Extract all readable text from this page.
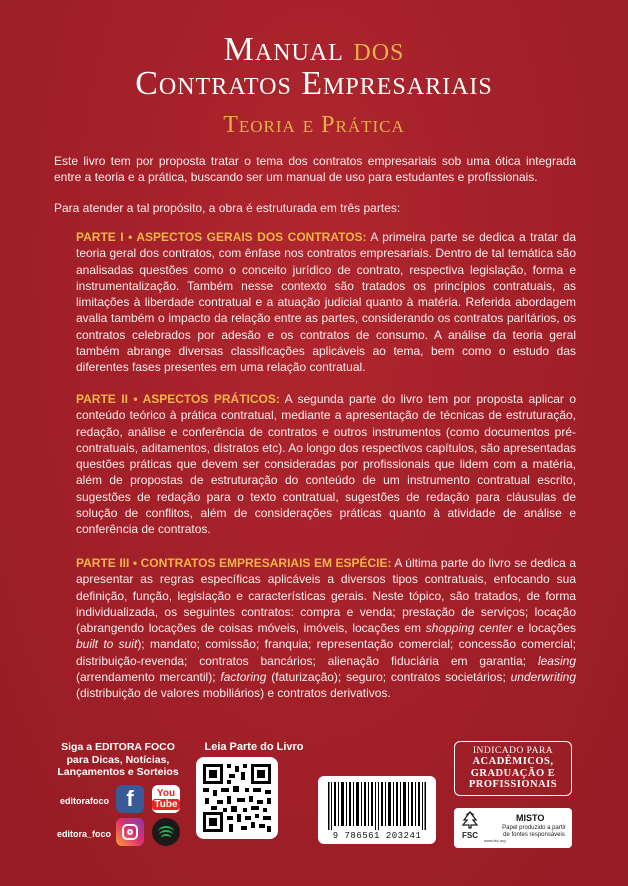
Manual dos
Contratos Empresariais
Teoria e Prática
Este livro tem por proposta tratar o tema dos contratos empresariais sob uma ótica integrada entre a teoria e a prática, buscando ser um manual de uso para estudantes e profissionais.
Para atender a tal propósito, a obra é estruturada em três partes:
PARTE I • ASPECTOS GERAIS DOS CONTRATOS: A primeira parte se dedica a tratar da teoria geral dos contratos, com ênfase nos contratos empresariais. Dentro de tal temática são analisadas questões como o conceito jurídico de contrato, respectiva legislação, forma e instrumentalização. Também nesse contexto são tratados os princípios contratuais, as limitações à liberdade contratual e a atuação judicial quanto à matéria. Referida abordagem avalia também o impacto da relação entre as partes, considerando os contratos paritários, os contratos celebrados por adesão e os contratos de consumo. A análise da teoria geral também abrange diversas classificações aplicáveis ao tema, bem como o estudo das diferentes fases presentes em uma relação contratual.
PARTE II • ASPECTOS PRÁTICOS: A segunda parte do livro tem por proposta aplicar o conteúdo teórico à prática contratual, mediante a apresentação de técnicas de estruturação, redação, análise e conferência de contratos e outros instrumentos (como documentos pré-contratuais, aditamentos, distratos etc). Ao longo dos respectivos capítulos, são apresentadas questões práticas que devem ser consideradas por profissionais que lidem com a matéria, além de propostas de estruturação do conteúdo de um instrumento contratual escrito, sugestões de redação para o texto contratual, sugestões de redação para cláusulas de solução de conflitos, além de considerações práticas quanto à atividade de análise e conferência de contratos.
PARTE III • CONTRATOS EMPRESARIAIS EM ESPÉCIE: A última parte do livro se dedica a apresentar as regras específicas aplicáveis a diversos tipos contratuais, enfocando sua definição, função, legislação e características gerais. Neste tópico, são tratados, de forma individualizada, os seguintes contratos: compra e venda; prestação de serviços; locação (abrangendo locações de coisas móveis, imóveis, locações em shopping center e locações built to suit); mandato; comissão; franquia; representação comercial; concessão comercial; distribuição-revenda; contratos bancários; alienação fiduciária em garantia; leasing (arrendamento mercantil); factoring (faturização); seguro; contratos societários; underwriting (distribuição de valores mobiliários) e contratos derivativos.
Siga a EDITORA FOCO para Dicas, Notícias, Lançamentos e Sorteios
editorafoco
editora_foco
f You
Tube
Leia Parte do Livro
9 786561 203241
INDICADO PARA
ACADÊMICOS,
GRADUAÇÃO E
PROFISSIONAIS
FSC
www.fsc.org
MISTO
Papel produzido a partir de fontes responsáveis
